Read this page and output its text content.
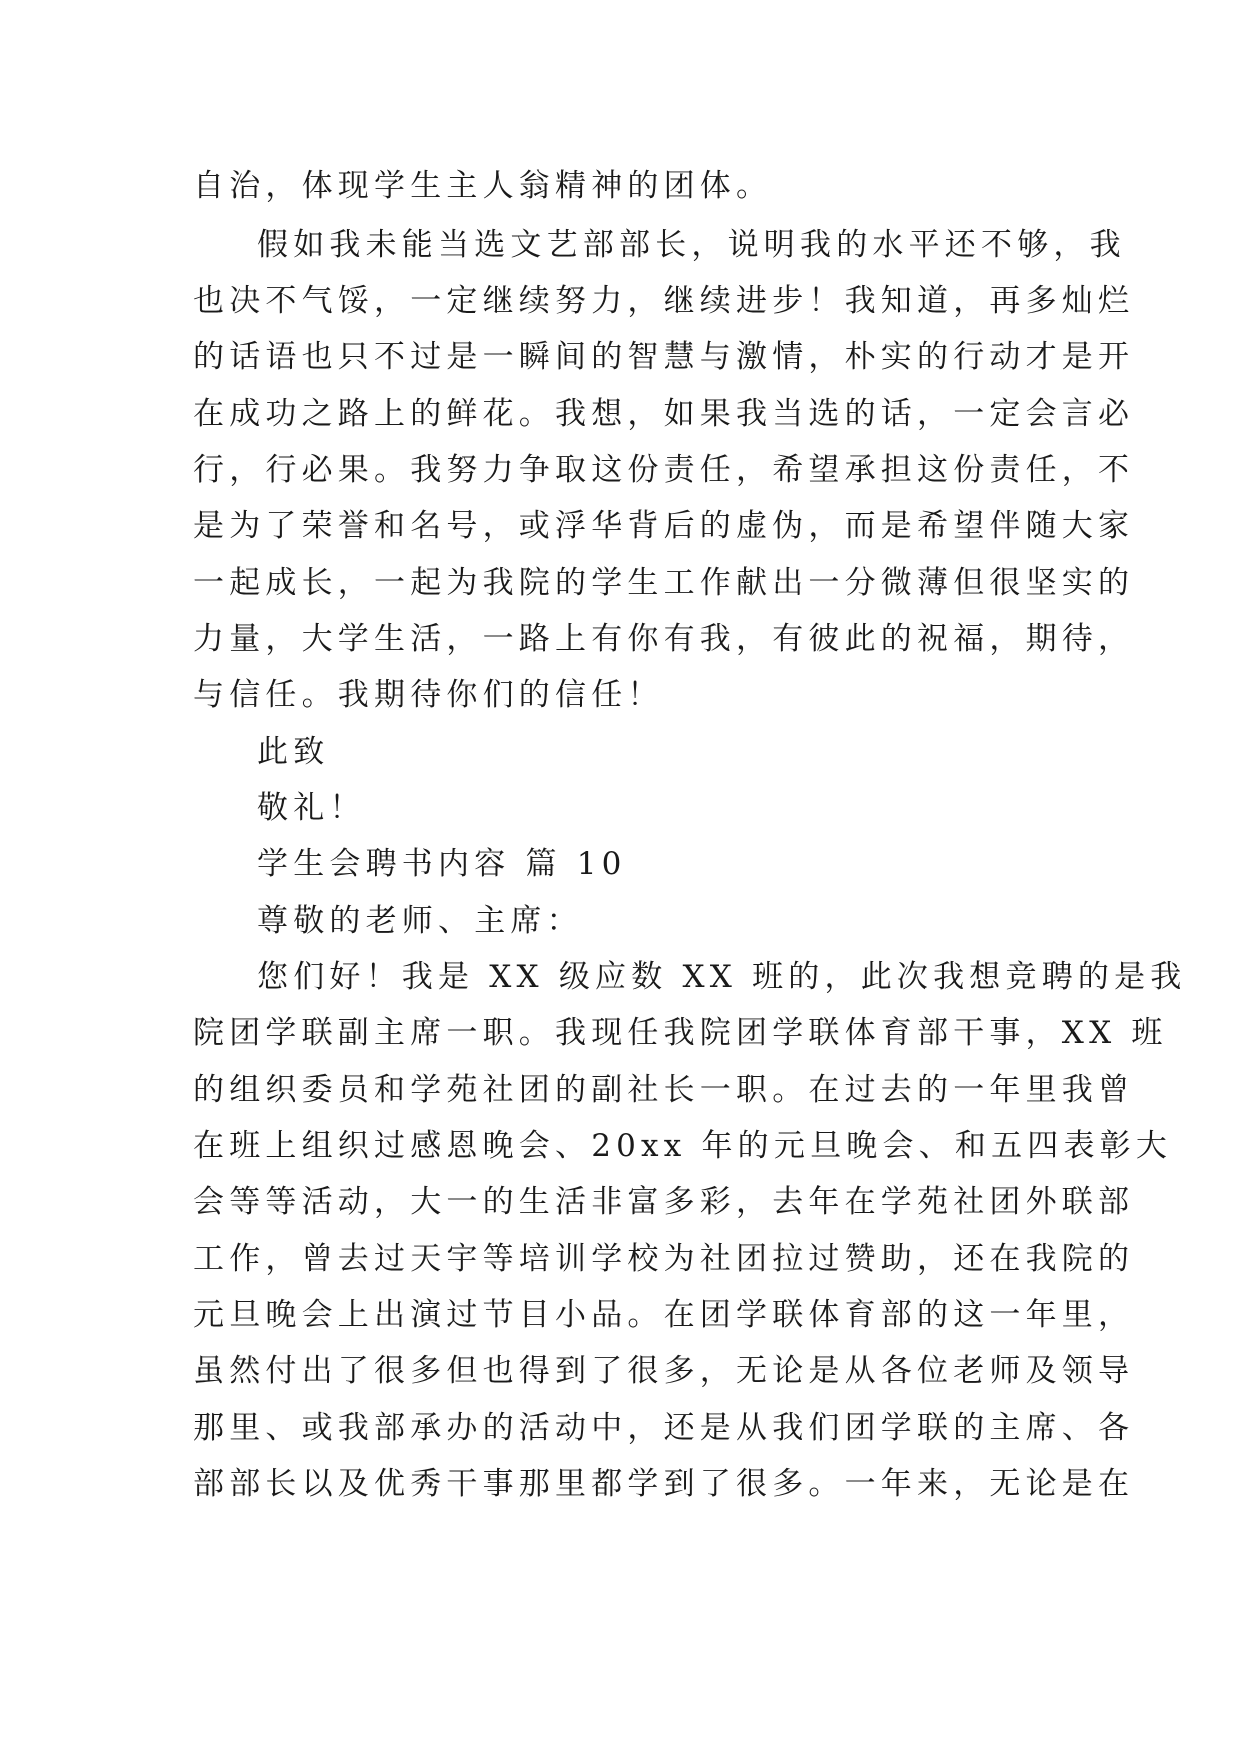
自治，体现学生主人翁精神的团体。
假如我未能当选文艺部部长，说明我的水平还不够，我
也决不气馁，一定继续努力，继续进步！我知道，再多灿烂
的话语也只不过是一瞬间的智慧与激情，朴实的行动才是开
在成功之路上的鲜花。我想，如果我当选的话，一定会言必
行，行必果。我努力争取这份责任，希望承担这份责任，不
是为了荣誉和名号，或浮华背后的虚伪，而是希望伴随大家
一起成长，一起为我院的学生工作献出一分微薄但很坚实的
力量，大学生活，一路上有你有我，有彼此的祝福，期待，
与信任。我期待你们的信任！
此致
敬礼！
学生会聘书内容 篇 10
尊敬的老师、主席：
您们好！我是 XX 级应数 XX 班的，此次我想竞聘的是我
院团学联副主席一职。我现任我院团学联体育部干事，XX 班
的组织委员和学苑社团的副社长一职。在过去的一年里我曾
在班上组织过感恩晚会、20xx 年的元旦晚会、和五四表彰大
会等等活动，大一的生活非富多彩，去年在学苑社团外联部
工作，曾去过天宇等培训学校为社团拉过赞助，还在我院的
元旦晚会上出演过节目小品。在团学联体育部的这一年里，
虽然付出了很多但也得到了很多，无论是从各位老师及领导
那里、或我部承办的活动中，还是从我们团学联的主席、各
部部长以及优秀干事那里都学到了很多。一年来，无论是在
